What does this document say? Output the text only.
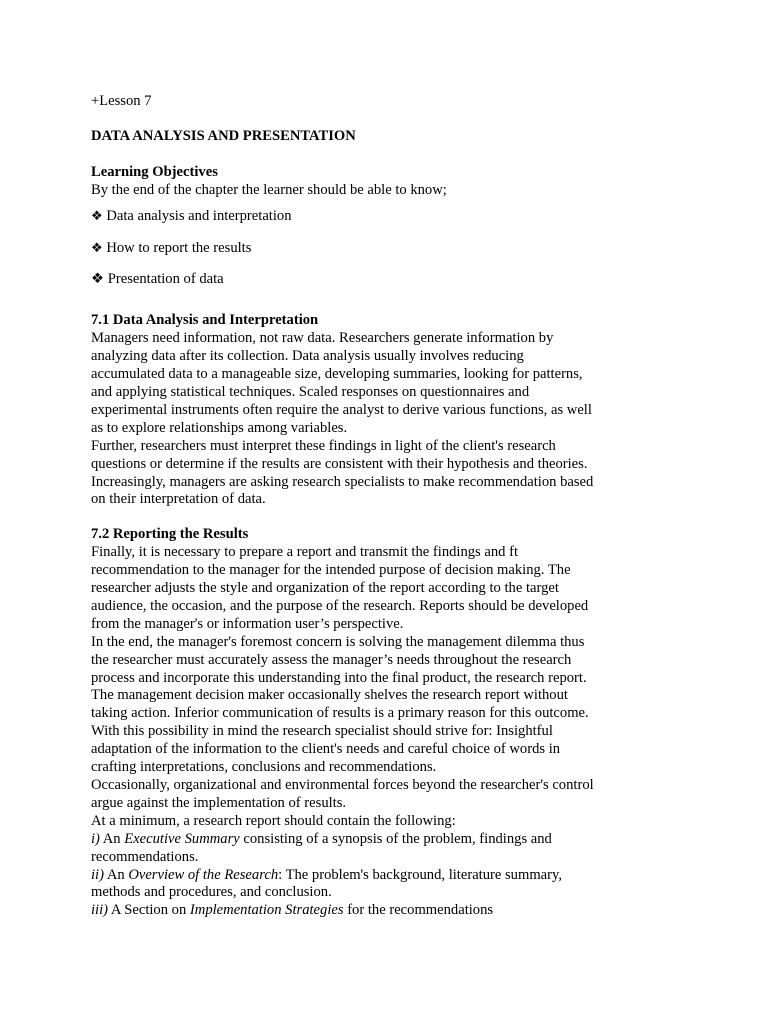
+Lesson 7
DATA ANALYSIS AND PRESENTATION
Learning Objectives
By the end of the chapter the learner should be able to know;
❖ Data analysis and interpretation
❖ How to report the results
❖ Presentation of data
7.1 Data Analysis and Interpretation
Managers need information, not raw data. Researchers generate information by
analyzing data after its collection. Data analysis usually involves reducing
accumulated data to a manageable size, developing summaries, looking for patterns,
and applying statistical techniques. Scaled responses on questionnaires and
experimental instruments often require the analyst to derive various functions, as well
as to explore relationships among variables.
Further, researchers must interpret these findings in light of the client's research
questions or determine if the results are consistent with their hypothesis and theories.
Increasingly, managers are asking research specialists to make recommendation based
on their interpretation of data.
7.2 Reporting the Results
Finally, it is necessary to prepare a report and transmit the findings and ft
recommendation to the manager for the intended purpose of decision making. The
researcher adjusts the style and organization of the report according to the target
audience, the occasion, and the purpose of the research. Reports should be developed
from the manager's or information user’s perspective.
In the end, the manager's foremost concern is solving the management dilemma thus
the researcher must accurately assess the manager’s needs throughout the research
process and incorporate this understanding into the final product, the research report.
The management decision maker occasionally shelves the research report without
taking action. Inferior communication of results is a primary reason for this outcome.
With this possibility in mind the research specialist should strive for: Insightful
adaptation of the information to the client's needs and careful choice of words in
crafting interpretations, conclusions and recommendations.
Occasionally, organizational and environmental forces beyond the researcher's control
argue against the implementation of results.
At a minimum, a research report should contain the following:
i) An Executive Summary consisting of a synopsis of the problem, findings and
recommendations.
ii) An Overview of the Research: The problem's background, literature summary,
methods and procedures, and conclusion.
iii) A Section on Implementation Strategies for the recommendations
